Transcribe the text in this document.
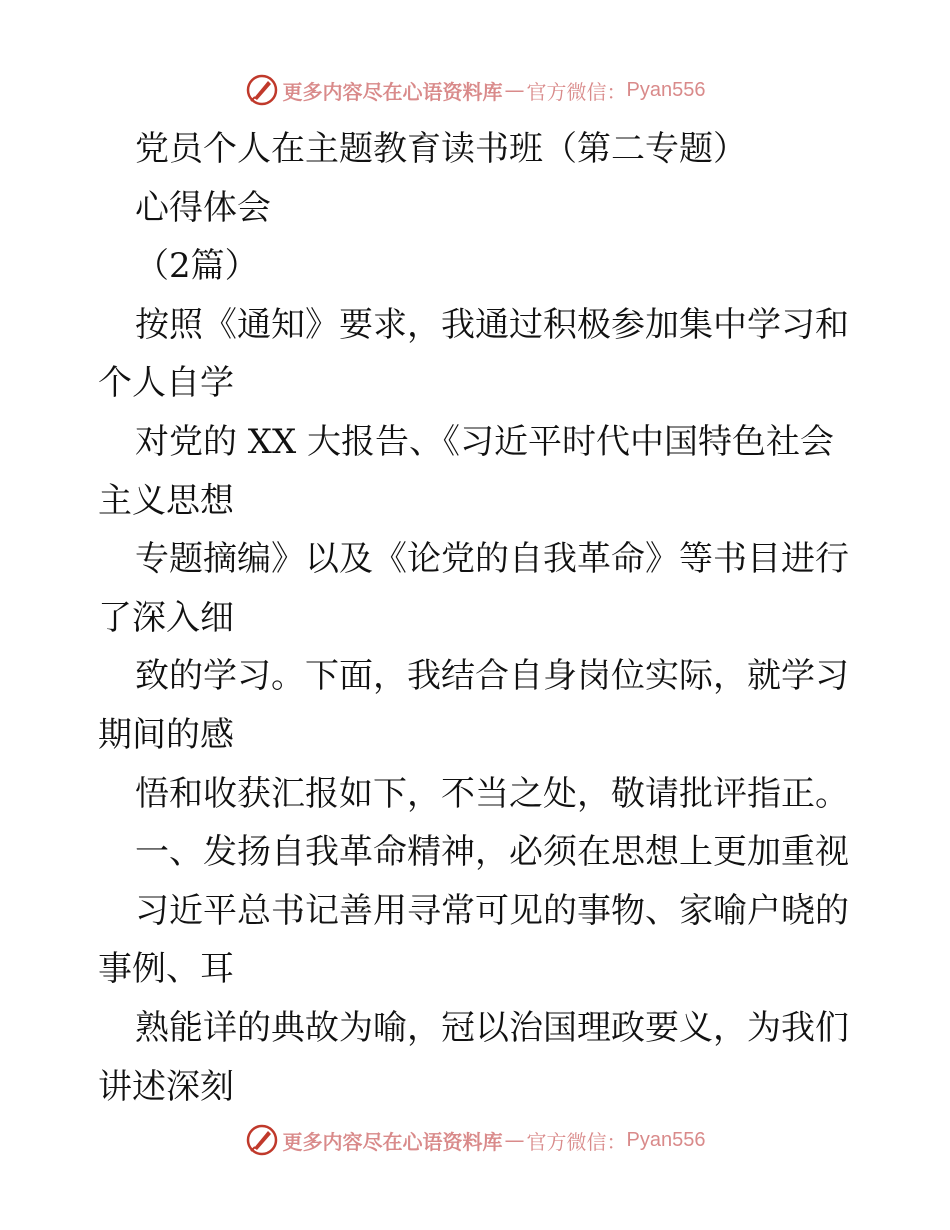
更多内容尽在心语资料库 — 官方微信： Pyan556
党员个人在主题教育读书班（第二专题）
心得体会
（2篇）
按照《通知》要求，我通过积极参加集中学习和
个人自学
对党的 XX 大报告、《习近平时代中国特色社会
主义思想
专题摘编》以及《论党的自我革命》等书目进行
了深入细
致的学习。下面，我结合自身岗位实际，就学习
期间的感
悟和收获汇报如下，不当之处，敬请批评指正。
一、发扬自我革命精神，必须在思想上更加重视
习近平总书记善用寻常可见的事物、家喻户晓的
事例、耳
熟能详的典故为喻，冠以治国理政要义，为我们
讲述深刻
更多内容尽在心语资料库 — 官方微信： Pyan556
